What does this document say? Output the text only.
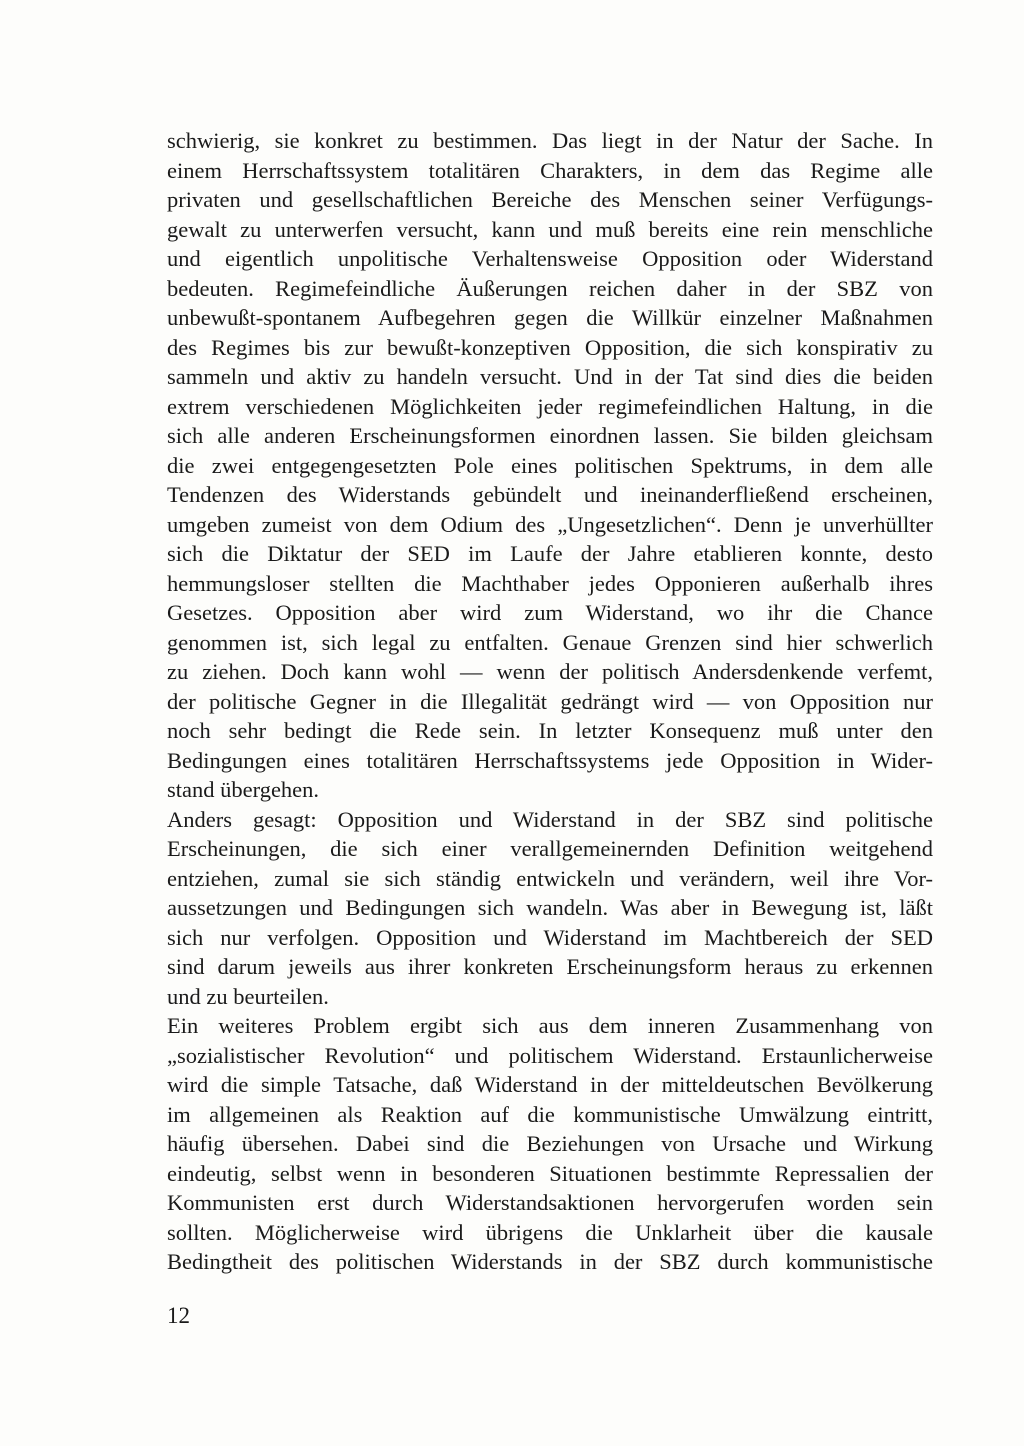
schwierig, sie konkret zu bestimmen. Das liegt in der Natur der Sache. In
einem Herrschaftssystem totalitären Charakters, in dem das Regime alle
privaten und gesellschaftlichen Bereiche des Menschen seiner Verfügungs-
gewalt zu unterwerfen versucht, kann und muß bereits eine rein menschliche
und eigentlich unpolitische Verhaltensweise Opposition oder Widerstand
bedeuten. Regimefeindliche Äußerungen reichen daher in der SBZ von
unbewußt-spontanem Aufbegehren gegen die Willkür einzelner Maßnahmen
des Regimes bis zur bewußt-konzeptiven Opposition, die sich konspirativ zu
sammeln und aktiv zu handeln versucht. Und in der Tat sind dies die beiden
extrem verschiedenen Möglichkeiten jeder regimefeindlichen Haltung, in die
sich alle anderen Erscheinungsformen einordnen lassen. Sie bilden gleichsam
die zwei entgegengesetzten Pole eines politischen Spektrums, in dem alle
Tendenzen des Widerstands gebündelt und ineinanderfließend erscheinen,
umgeben zumeist von dem Odium des „Ungesetzlichen“. Denn je unverhüllter
sich die Diktatur der SED im Laufe der Jahre etablieren konnte, desto
hemmungsloser stellten die Machthaber jedes Opponieren außerhalb ihres
Gesetzes. Opposition aber wird zum Widerstand, wo ihr die Chance
genommen ist, sich legal zu entfalten. Genaue Grenzen sind hier schwerlich
zu ziehen. Doch kann wohl — wenn der politisch Andersdenkende verfemt,
der politische Gegner in die Illegalität gedrängt wird — von Opposition nur
noch sehr bedingt die Rede sein. In letzter Konsequenz muß unter den
Bedingungen eines totalitären Herrschaftssystems jede Opposition in Wider-
stand übergehen.
Anders gesagt: Opposition und Widerstand in der SBZ sind politische
Erscheinungen, die sich einer verallgemeinernden Definition weitgehend
entziehen, zumal sie sich ständig entwickeln und verändern, weil ihre Vor-
aussetzungen und Bedingungen sich wandeln. Was aber in Bewegung ist, läßt
sich nur verfolgen. Opposition und Widerstand im Machtbereich der SED
sind darum jeweils aus ihrer konkreten Erscheinungsform heraus zu erkennen
und zu beurteilen.
Ein weiteres Problem ergibt sich aus dem inneren Zusammenhang von
„sozialistischer Revolution“ und politischem Widerstand. Erstaunlicherweise
wird die simple Tatsache, daß Widerstand in der mitteldeutschen Bevölkerung
im allgemeinen als Reaktion auf die kommunistische Umwälzung eintritt,
häufig übersehen. Dabei sind die Beziehungen von Ursache und Wirkung
eindeutig, selbst wenn in besonderen Situationen bestimmte Repressalien der
Kommunisten erst durch Widerstandsaktionen hervorgerufen worden sein
sollten. Möglicherweise wird übrigens die Unklarheit über die kausale
Bedingtheit des politischen Widerstands in der SBZ durch kommunistische
12
